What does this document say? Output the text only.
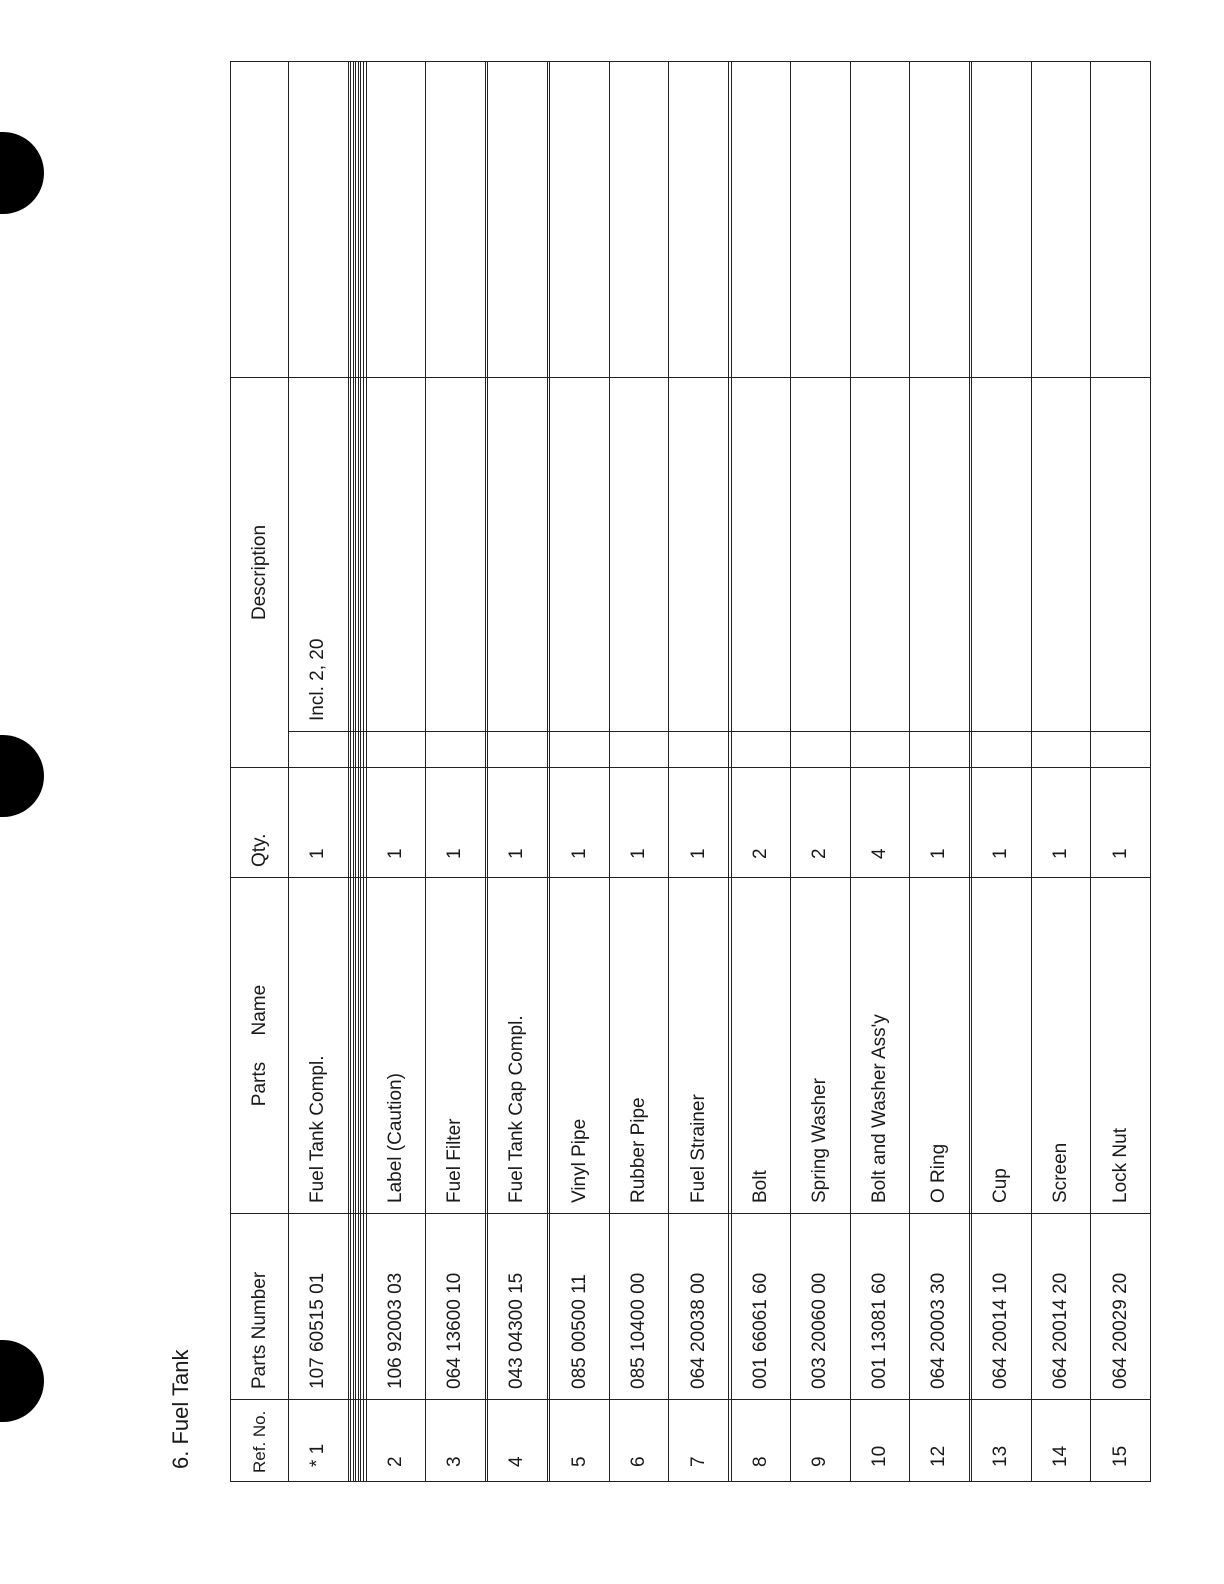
6. Fuel Tank	Ref. No.	Parts Number	Parts     Name	Qty.	Description		
* 1	107 60515 01	Fuel Tank Compl.	1		Incl. 2, 20	

2	106 92003 03	Label (Caution)	1			
3	064 13600 10	Fuel Filter	1			

4	043 04300 15	Fuel Tank Cap Compl.	1			

5	085 00500 11	Vinyl Pipe	1			
6	085 10400 00	Rubber Pipe	1			
7	064 20038 00	Fuel Strainer	1			

8	001 66061 60	Bolt	2			
9	003 20060 00	Spring Washer	2			
10	001 13081 60	Bolt and Washer Ass'y	4			
12	064 20003 30	O Ring	1			

13	064 20014 10	Cup	1			
14	064 20014 20	Screen	1			
15	064 20029 20	Lock Nut	1			
